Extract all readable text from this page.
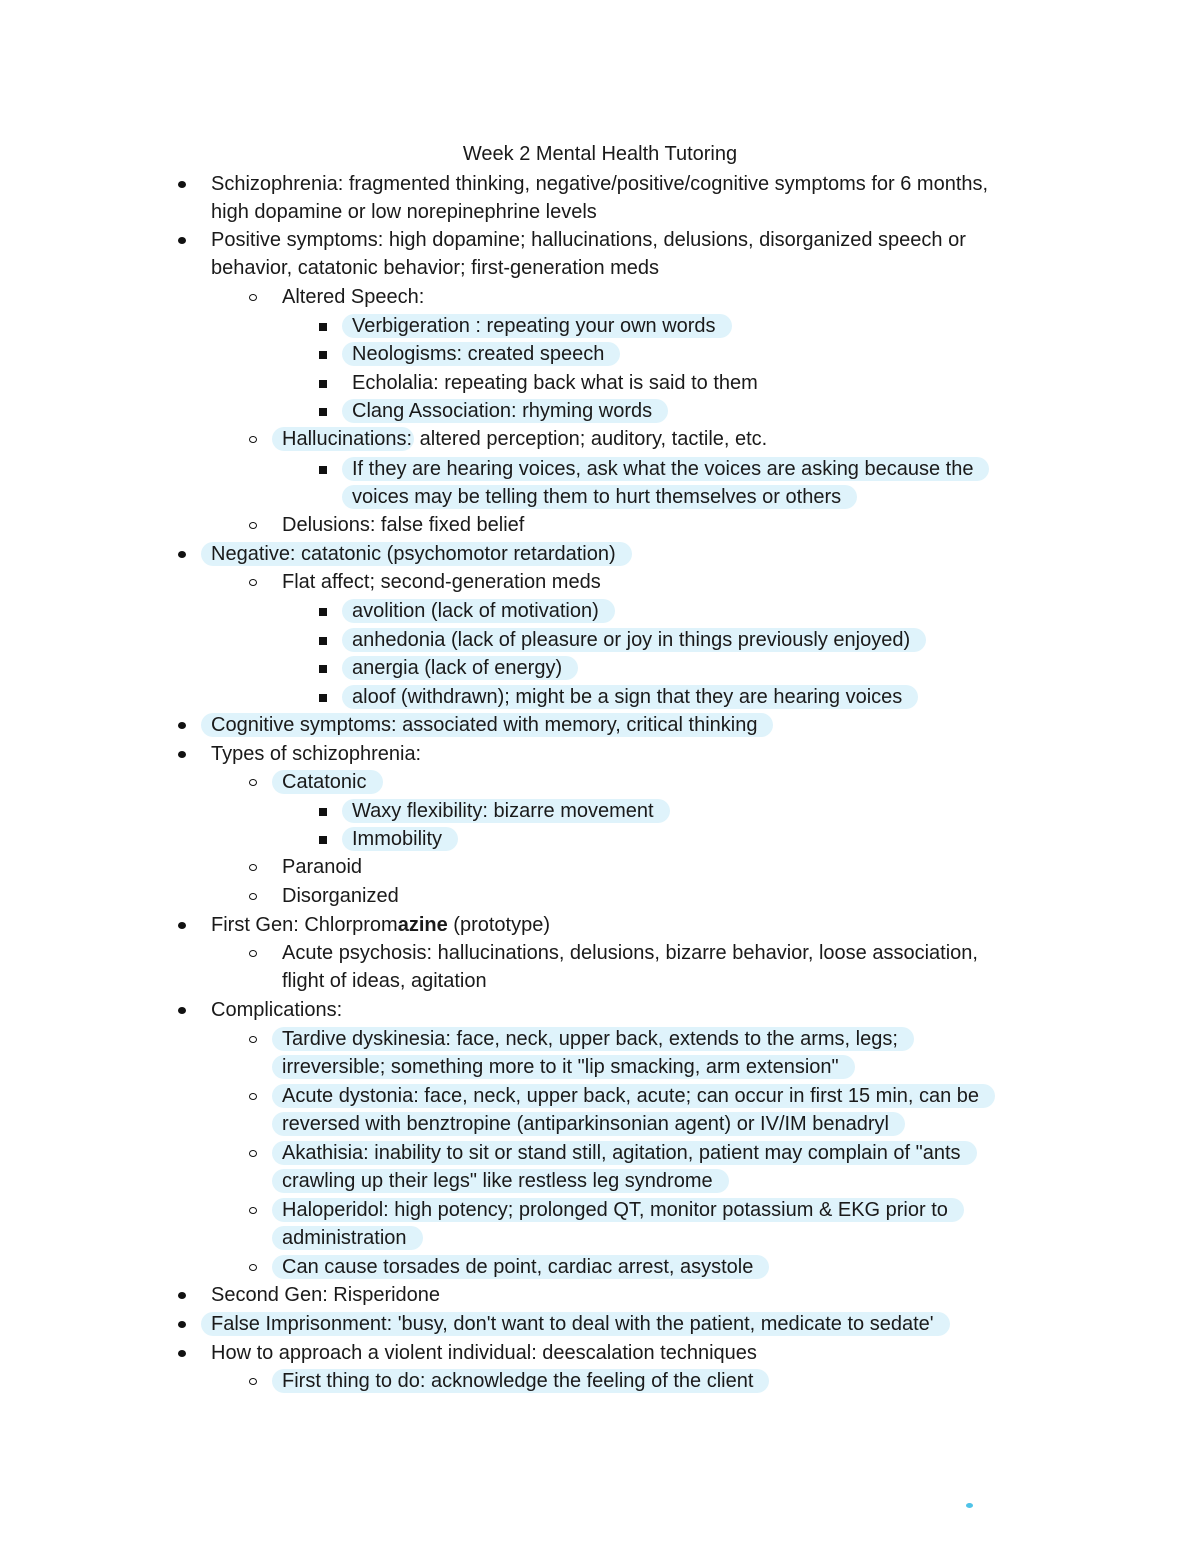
Week 2 Mental Health Tutoring
Schizophrenia: fragmented thinking, negative/positive/cognitive symptoms for 6 months,
high dopamine or low norepinephrine levels
Positive symptoms: high dopamine; hallucinations, delusions, disorganized speech or
behavior, catatonic behavior; first-generation meds
Altered Speech:
Verbigeration : repeating your own words
Neologisms: created speech
Echolalia: repeating back what is said to them
Clang Association: rhyming words
Hallucinations: altered perception; auditory, tactile, etc.
If they are hearing voices, ask what the voices are asking because the
voices may be telling them to hurt themselves or others
Delusions: false fixed belief
Negative: catatonic (psychomotor retardation)
Flat affect; second-generation meds
avolition (lack of motivation)
anhedonia (lack of pleasure or joy in things previously enjoyed)
anergia (lack of energy)
aloof (withdrawn); might be a sign that they are hearing voices
Cognitive symptoms: associated with memory, critical thinking
Types of schizophrenia:
Catatonic
Waxy flexibility: bizarre movement
Immobility
Paranoid
Disorganized
First Gen: Chlorpromazine (prototype)
Acute psychosis: hallucinations, delusions, bizarre behavior, loose association,
flight of ideas, agitation
Complications:
Tardive dyskinesia: face, neck, upper back, extends to the arms, legs;
irreversible; something more to it "lip smacking, arm extension"
Acute dystonia: face, neck, upper back, acute; can occur in first 15 min, can be
reversed with benztropine (antiparkinsonian agent) or IV/IM benadryl
Akathisia: inability to sit or stand still, agitation, patient may complain of "ants
crawling up their legs" like restless leg syndrome
Haloperidol: high potency; prolonged QT, monitor potassium & EKG prior to
administration
Can cause torsades de point, cardiac arrest, asystole
Second Gen: Risperidone
False Imprisonment: 'busy, don't want to deal with the patient, medicate to sedate'
How to approach a violent individual: deescalation techniques
First thing to do: acknowledge the feeling of the client
